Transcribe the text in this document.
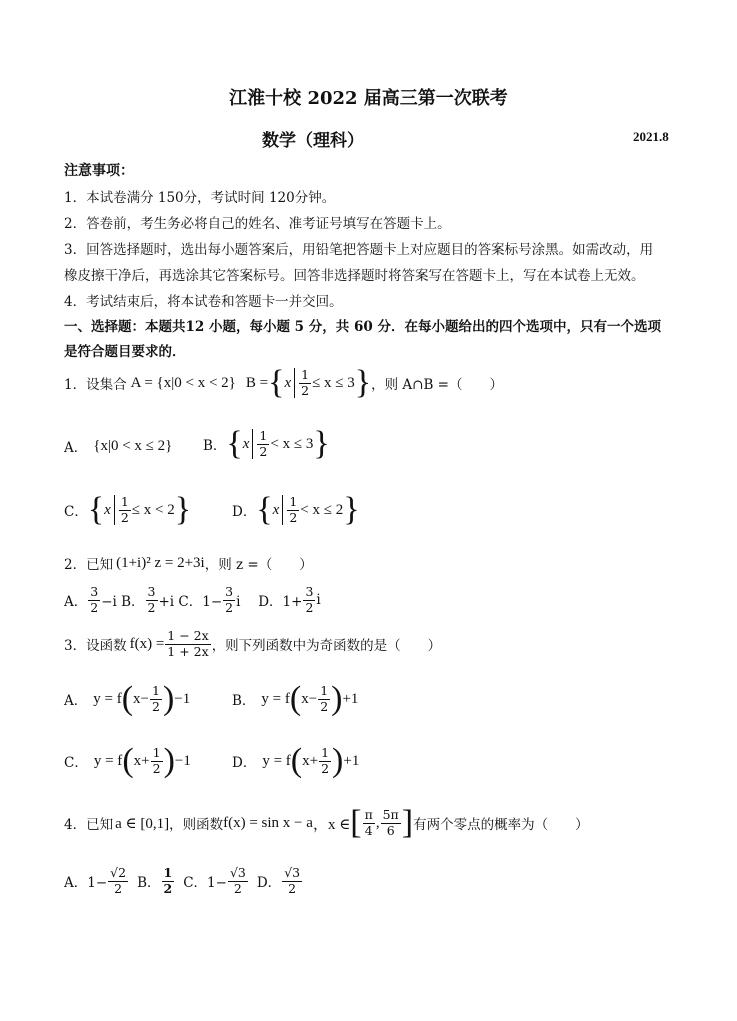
江淮十校 2022 届高三第一次联考
数学（理科）	2021.8
注意事项：
1．本试卷满分 150分，考试时间 120分钟。
2．答卷前，考生务必将自己的姓名、准考证号填写在答题卡上。
3．回答选择题时，选出每小题答案后，用铅笔把答题卡上对应题目的答案标号涂黑。如需改动，用
橡皮擦干净后，再选涂其它答案标号。回答非选择题时将答案写在答题卡上，写在本试卷上无效。
4．考试结束后，将本试卷和答题卡一并交回。
一、选择题：本题共12 小题，每小题 5 分，共 60 分．在每小题给出的四个选项中，只有一个选项
是符合题目要求的．
1．设集合 A = {x|0 < x < 2} B = { x $\frac{1}{2} \le x \le 3$ } ，则 A∩B =（　　）
A． {x|0 < x ≤ 2} B． { x $\frac{1}{2} < x \le 3$ }
C． { x $\frac{1}{2} \le x < 2$ }	D． { x $\frac{1}{2} < x \le 2$ }
2．已知 (1+i)² z = 2+3i ，则 z =（　　）
A． $\frac{3}{2} -i$ B． $\frac{3}{2} +i$ C．$1- \frac{3}{2}$ i　 D．$1+ \frac{3}{2}$ i
3．设函数 $f(x) = \frac{1 - 2x}{1 + 2x}$ ，则下列函数中为奇函数的是（　　）
A． y = f ( $x- \frac{1}{2}$ ) −1	B． y = f ( $x- \frac{1}{2}$ ) +1
C． y = f ( $x+ \frac{1}{2}$ ) −1	D． y = f ( $x+ \frac{1}{2}$ ) +1
4．已知 a ∈ [0,1] ，则函数 f(x) = sin x − a ，x ∈ [ $\frac{\pi}{4}$ , $\frac{5\pi}{6}$ ] 有两个零点的概率为（　　）
A．$1- \frac{√2}{2}$ B． $\frac{1}{2}$ C．$1- \frac{√3}{2}$ D． $\frac{√3}{2}$
